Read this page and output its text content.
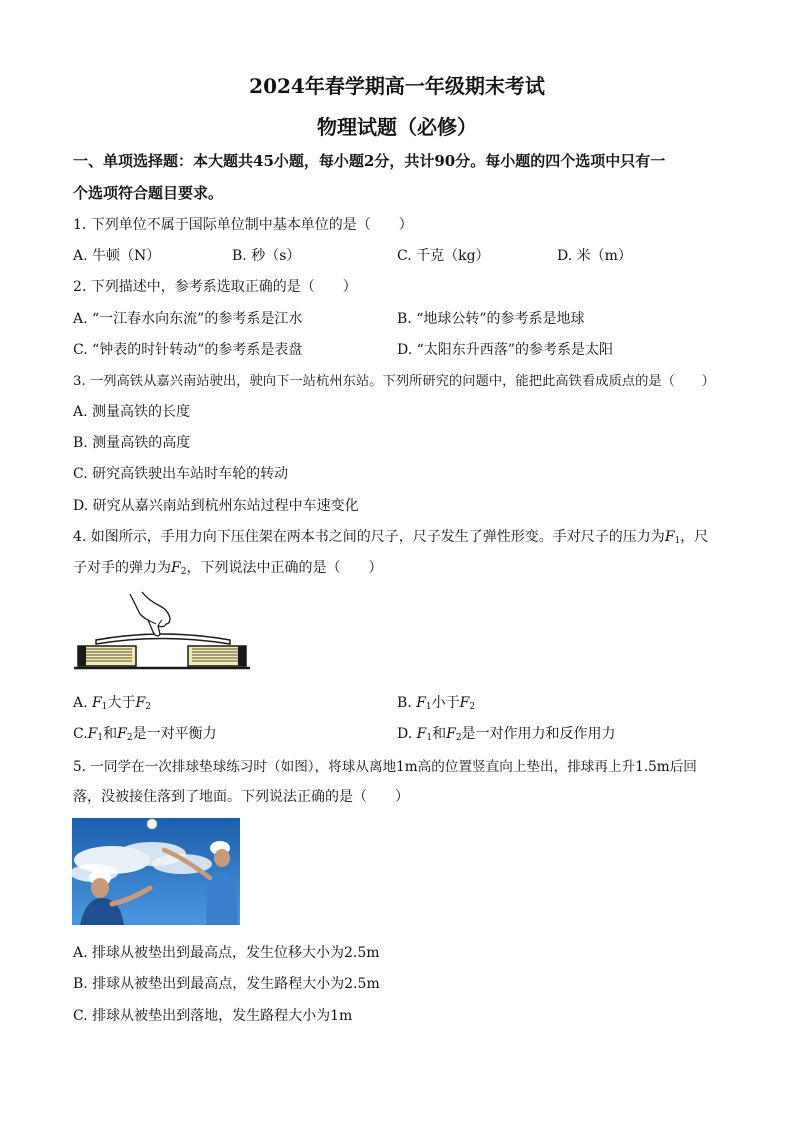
2024年春学期高一年级期末考试
物理试题（必修）
一、单项选择题：本大题共45小题，每小题2分，共计90分。每小题的四个选项中只有一
个选项符合题目要求。
1. 下列单位不属于国际单位制中基本单位的是（　　）
A. 牛顿（N）	B. 秒（s）	C. 千克（kg）	D. 米（m）
2. 下列描述中，参考系选取正确的是（　　）
A. “一江春水向东流”的参考系是江水	B. “地球公转”的参考系是地球
C. “钟表的时针转动”的参考系是表盘	D. “太阳东升西落”的参考系是太阳
3. 一列高铁从嘉兴南站驶出，驶向下一站杭州东站。下列所研究的问题中，能把此高铁看成质点的是（　　）
A. 测量高铁的长度
B. 测量高铁的高度
C. 研究高铁驶出车站时车轮的转动
D. 研究从嘉兴南站到杭州东站过程中车速变化
4. 如图所示，手用力向下压住架在两本书之间的尺子，尺子发生了弹性形变。手对尺子的压力为$F_1$，尺
子对手的弹力为$F_2$，下列说法中正确的是（　　）
A. $F_1$大于$F_2$	B. $F_1$小于$F_2$
$C.F_1$和$F_2$是一对平衡力	D. $F_1$和$F_2$是一对作用力和反作用力
5. 一同学在一次排球垫球练习时（如图），将球从离地1m高的位置竖直向上垫出，排球再上升1.5m后回
落，没被接住落到了地面。下列说法正确的是（　　）
A. 排球从被垫出到最高点，发生位移大小为2.5m
B. 排球从被垫出到最高点，发生路程大小为2.5m
C. 排球从被垫出到落地，发生路程大小为1m
